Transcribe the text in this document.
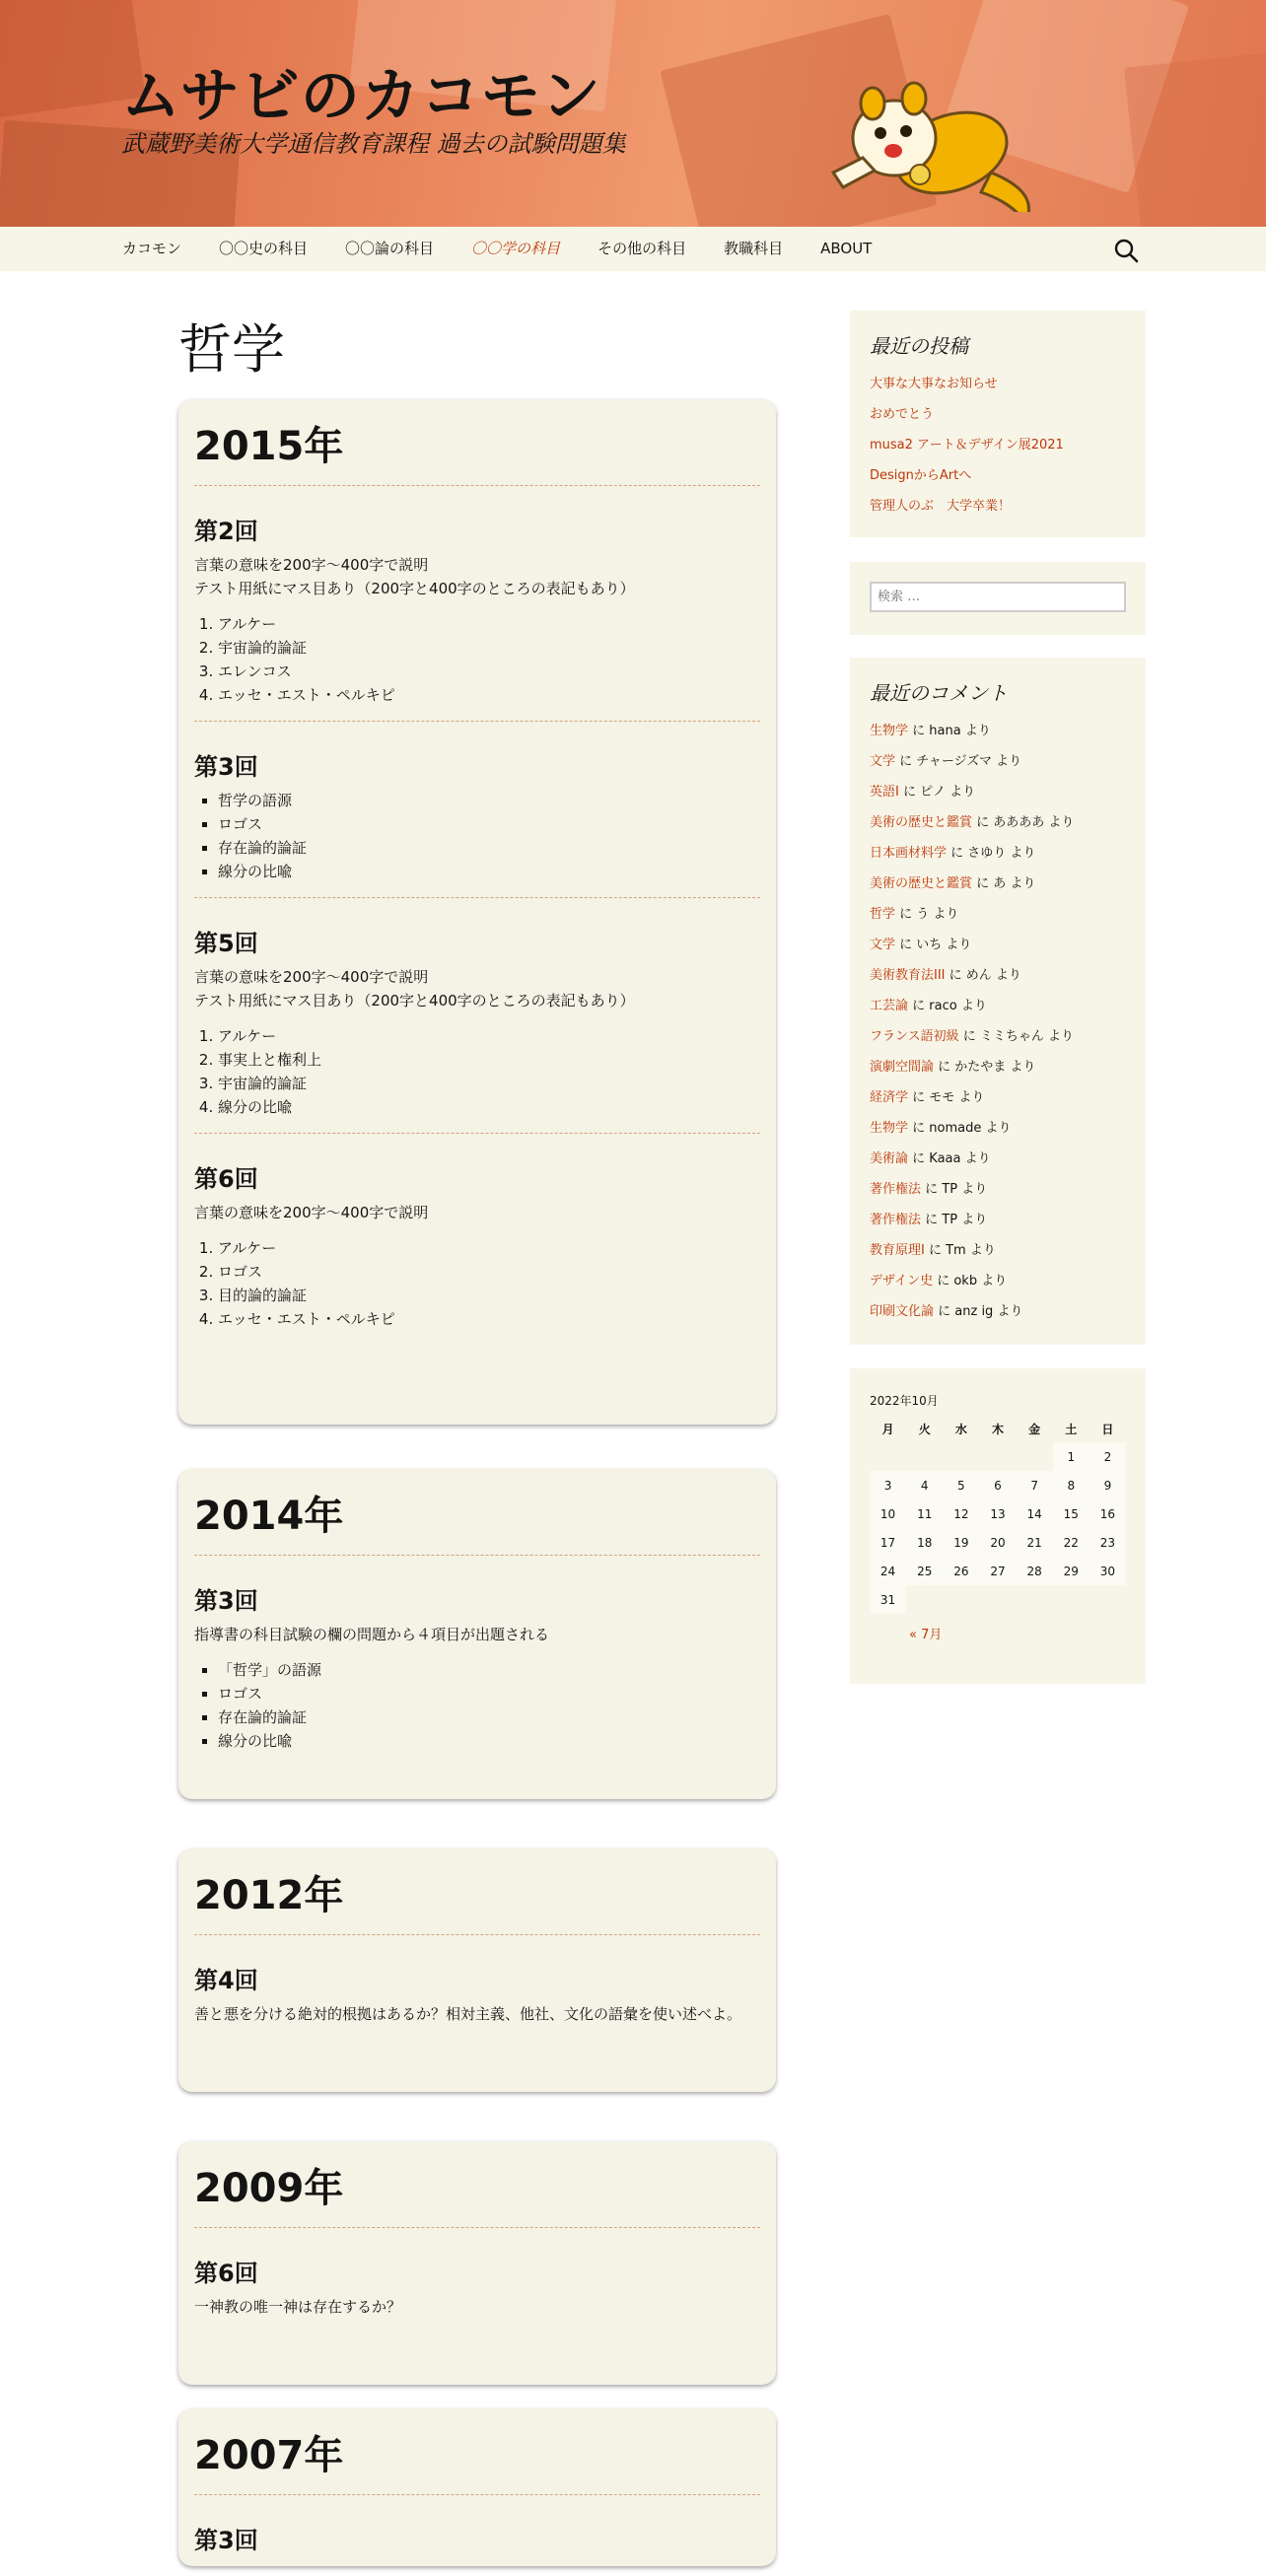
ムサビのカコモン
武蔵野美術大学通信教育課程 過去の試験問題集
カコモン	〇〇史の科目	〇〇論の科目	〇〇学の科目	その他の科目	教職科目	ABOUT
哲学
2015年
第2回

言葉の意味を200字〜400字で説明

テスト用紙にマス目あり（200字と400字のところの表記もあり）

1. アルケー
2. 宇宙論的論証
3. エレンコス
4. エッセ・エスト・ペルキピ
第3回
▪ 哲学の語源
▪ ロゴス
▪ 存在論的論証
▪ 線分の比喩
第5回

言葉の意味を200字〜400字で説明

テスト用紙にマス目あり（200字と400字のところの表記もあり）

1. アルケー
2. 事実上と権利上
3. 宇宙論的論証
4. 線分の比喩
第6回

言葉の意味を200字〜400字で説明

1. アルケー
2. ロゴス
3. 目的論的論証
4. エッセ・エスト・ペルキピ
2014年
第3回

指導書の科目試験の欄の問題から４項目が出題される

▪ 「哲学」の語源
▪ ロゴス
▪ 存在論的論証
▪ 線分の比喩
2012年
第4回

善と悪を分ける絶対的根拠はあるか？相対主義、他社、文化の語彙を使い述べよ。

2009年
第6回

一神教の唯一神は存在するか？

2007年
第3回
最近の投稿
大事な大事なお知らせ
おめでとう
musa2 アート＆デザイン展2021
DesignからArtへ
管理人のぶ　大学卒業！
検索 …
最近のコメント
生物学 に hana より
文学 に チャージズマ より
英語Ⅰ に ピノ より
美術の歴史と鑑賞 に ああああ より
日本画材料学 に さゆり より
美術の歴史と鑑賞 に あ より
哲学 に う より
文学 に いち より
美術教育法III に めん より
工芸論 に raco より
フランス語初級 に ミミちゃん より
演劇空間論 に かたやま より
経済学 に モモ より
生物学 に nomade より
美術論 に Kaaa より
著作権法 に TP より
著作権法 に TP より
教育原理Ⅰ に Tm より
デザイン史 に okb より
印刷文化論 に anz ig より
2022年10月
月	火	水	木	金	土	日
					1	2
3	4	5	6	7	8	9
10	11	12	13	14	15	16
17	18	19	20	21	22	23
24	25	26	27	28	29	30
31						
« 7月
